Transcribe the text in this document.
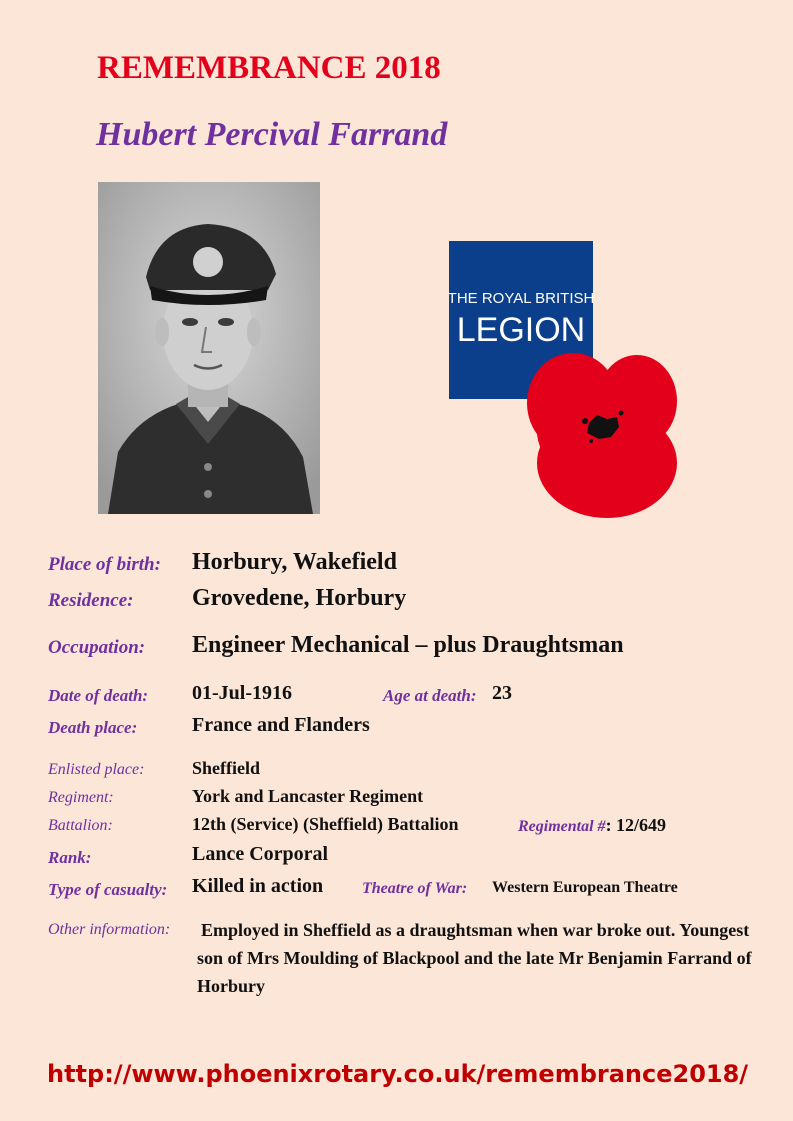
REMEMBRANCE 2018
Hubert Percival Farrand
THE ROYAL BRITISH
LEGION
Place of birth: Horbury, Wakefield
Residence: Grovedene, Horbury
Occupation: Engineer Mechanical – plus Draughtsman
Date of death: 01-Jul-1916	Age at death: 23
Death place:	France and Flanders
Enlisted place:	Sheffield
Regiment:	York and Lancaster Regiment
Battalion:	12th (Service) (Sheffield) Battalion	Regimental #: 12/649
Rank:	Lance Corporal
Type of casualty: Killed in action Theatre of War: Western European Theatre
Other information: Employed in Sheffield as a draughtsman when war broke out. Youngest son of Mrs Moulding of Blackpool and the late Mr Benjamin Farrand of Horbury
http://www.phoenixrotary.co.uk/remembrance2018/
